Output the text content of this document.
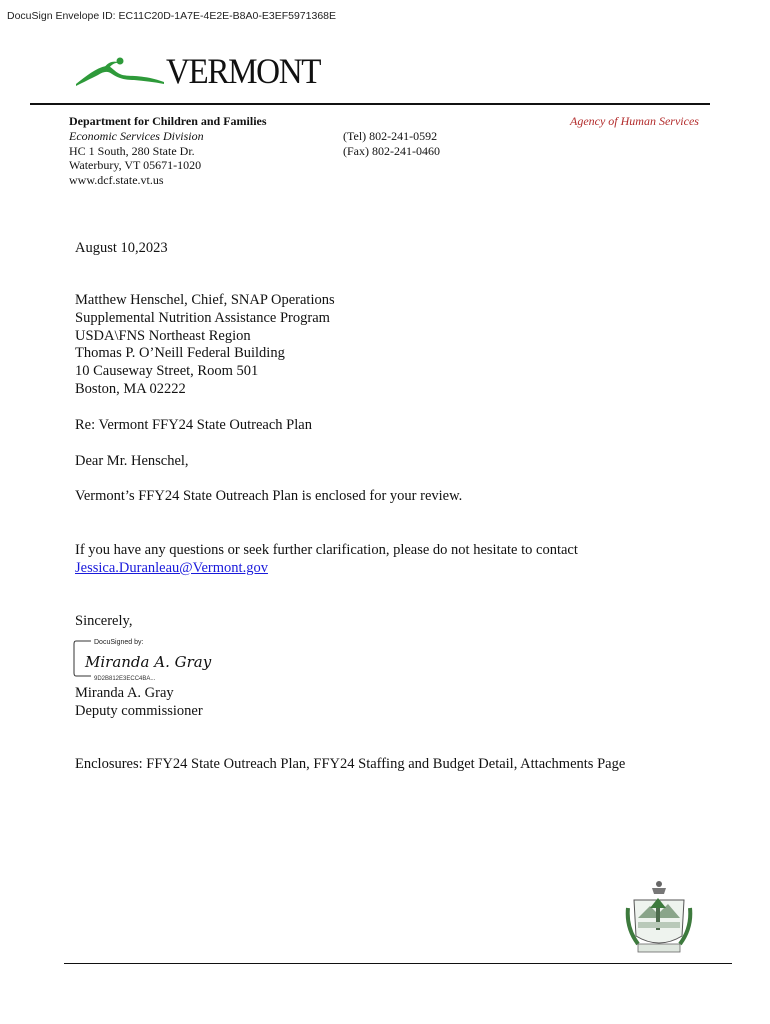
DocuSign Envelope ID: EC11C20D-1A7E-4E2E-B8A0-E3EF5971368E
VERMONT
Department for Children and Families
Economic Services Division
HC 1 South, 280 State Dr.
Waterbury, VT 05671-1020
www.dcf.state.vt.us
(Tel) 802-241-0592
(Fax) 802-241-0460
Agency of Human Services
August 10,2023
Matthew Henschel, Chief, SNAP Operations
Supplemental Nutrition Assistance Program
USDA\FNS Northeast Region
Thomas P. O’Neill Federal Building
10 Causeway Street, Room 501
Boston, MA 02222
Re: Vermont FFY24 State Outreach Plan
Dear Mr. Henschel,
Vermont’s FFY24 State Outreach Plan is enclosed for your review.
If you have any questions or seek further clarification, please do not hesitate to contact
Jessica.Duranleau@Vermont.gov
Sincerely,
DocuSigned by:
Miranda A. Gray
9D2B812E3ECC4BA...
Miranda A. Gray
Deputy commissioner
Enclosures: FFY24 State Outreach Plan, FFY24 Staffing and Budget Detail, Attachments Page
